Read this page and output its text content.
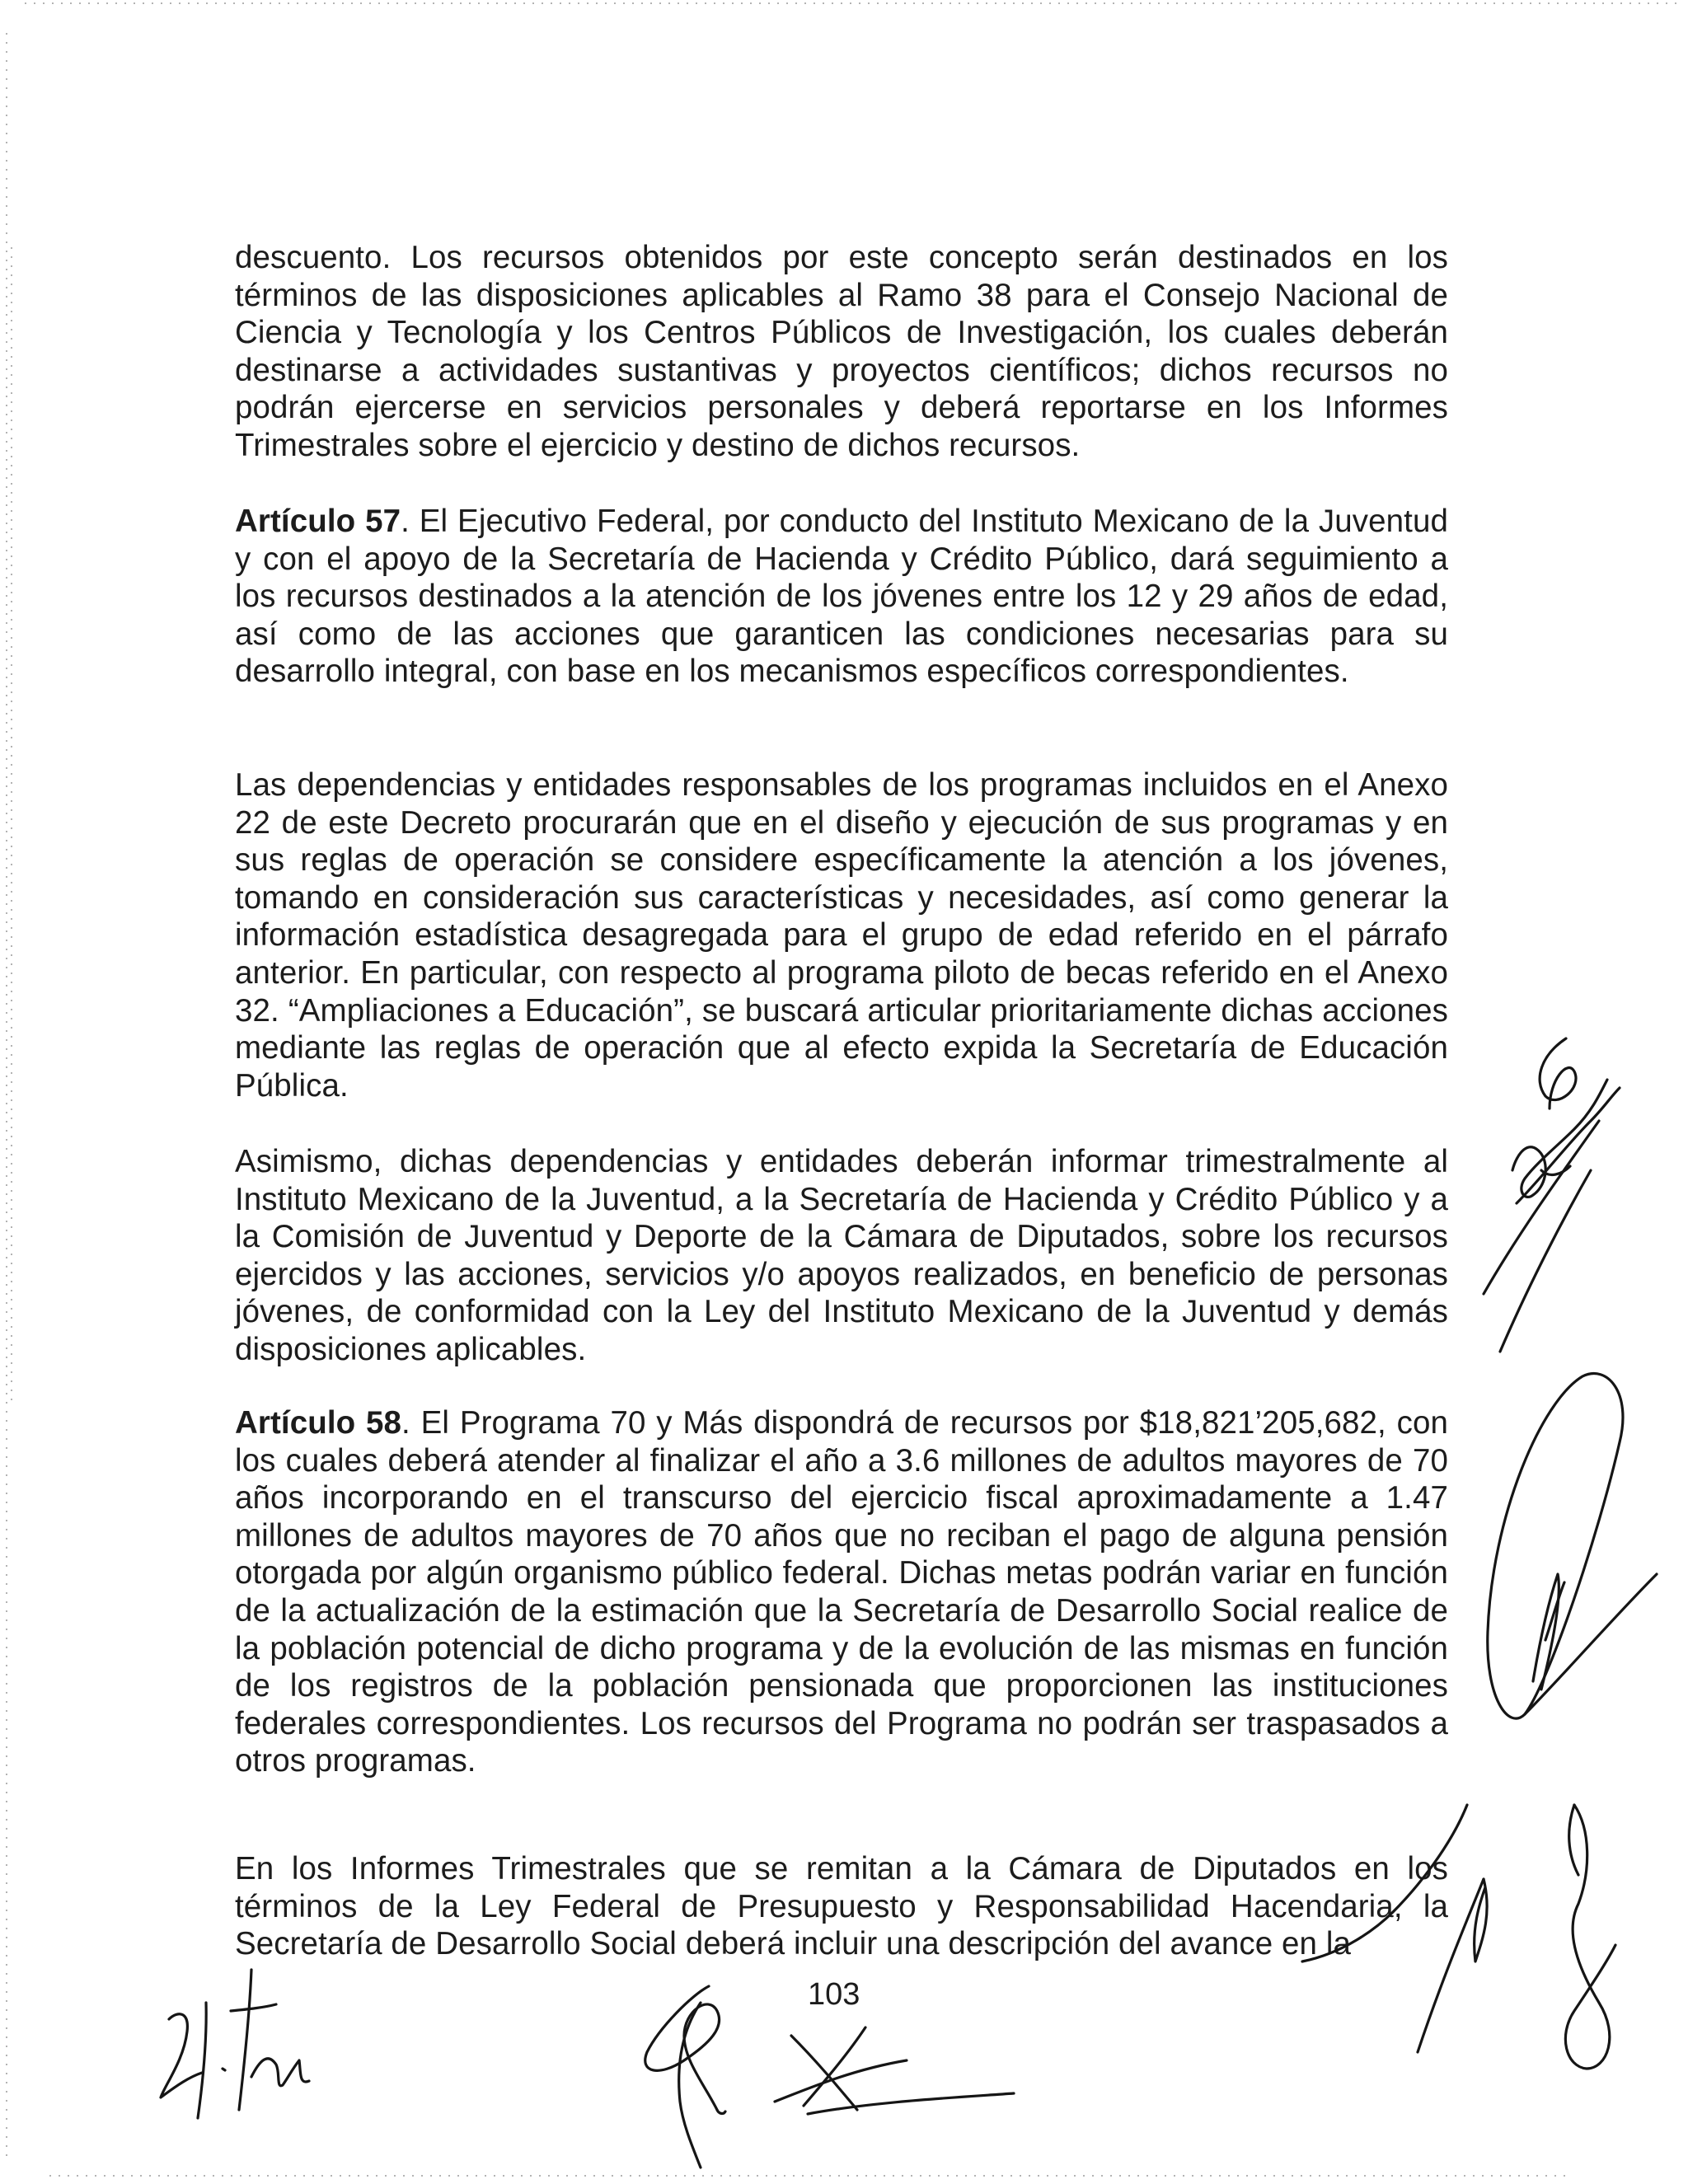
descuento. Los recursos obtenidos por este concepto serán destinados en los términos de las disposiciones aplicables al Ramo 38 para el Consejo Nacional de Ciencia y Tecnología y los Centros Públicos de Investigación, los cuales deberán destinarse a actividades sustantivas y proyectos científicos; dichos recursos no podrán ejercerse en servicios personales y deberá reportarse en los Informes Trimestrales sobre el ejercicio y destino de dichos recursos.

Artículo 57. El Ejecutivo Federal, por conducto del Instituto Mexicano de la Juventud y con el apoyo de la Secretaría de Hacienda y Crédito Público, dará seguimiento a los recursos destinados a la atención de los jóvenes entre los 12 y 29 años de edad, así como de las acciones que garanticen las condiciones necesarias para su desarrollo integral, con base en los mecanismos específicos correspondientes.

Las dependencias y entidades responsables de los programas incluidos en el Anexo 22 de este Decreto procurarán que en el diseño y ejecución de sus programas y en sus reglas de operación se considere específicamente la atención a los jóvenes, tomando en consideración sus características y necesidades, así como generar la información estadística desagregada para el grupo de edad referido en el párrafo anterior. En particular, con respecto al programa piloto de becas referido en el Anexo 32. “Ampliaciones a Educación”, se buscará articular prioritariamente dichas acciones mediante las reglas de operación que al efecto expida la Secretaría de Educación Pública.

Asimismo, dichas dependencias y entidades deberán informar trimestralmente al Instituto Mexicano de la Juventud, a la Secretaría de Hacienda y Crédito Público y a la Comisión de Juventud y Deporte de la Cámara de Diputados, sobre los recursos ejercidos y las acciones, servicios y/o apoyos realizados, en beneficio de personas jóvenes, de conformidad con la Ley del Instituto Mexicano de la Juventud y demás disposiciones aplicables.

Artículo 58. El Programa 70 y Más dispondrá de recursos por $18,821’205,682, con los cuales deberá atender al finalizar el año a 3.6 millones de adultos mayores de 70 años incorporando en el transcurso del ejercicio fiscal aproximadamente a 1.47 millones de adultos mayores de 70 años que no reciban el pago de alguna pensión otorgada por algún organismo público federal. Dichas metas podrán variar en función de la actualización de la estimación que la Secretaría de Desarrollo Social realice de la población potencial de dicho programa y de la evolución de las mismas en función de los registros de la población pensionada que proporcionen las instituciones federales correspondientes. Los recursos del Programa no podrán ser traspasados a otros programas.

En los Informes Trimestrales que se remitan a la Cámara de Diputados en los términos de la Ley Federal de Presupuesto y Responsabilidad Hacendaria, la Secretaría de Desarrollo Social deberá incluir una descripción del avance en la

103
